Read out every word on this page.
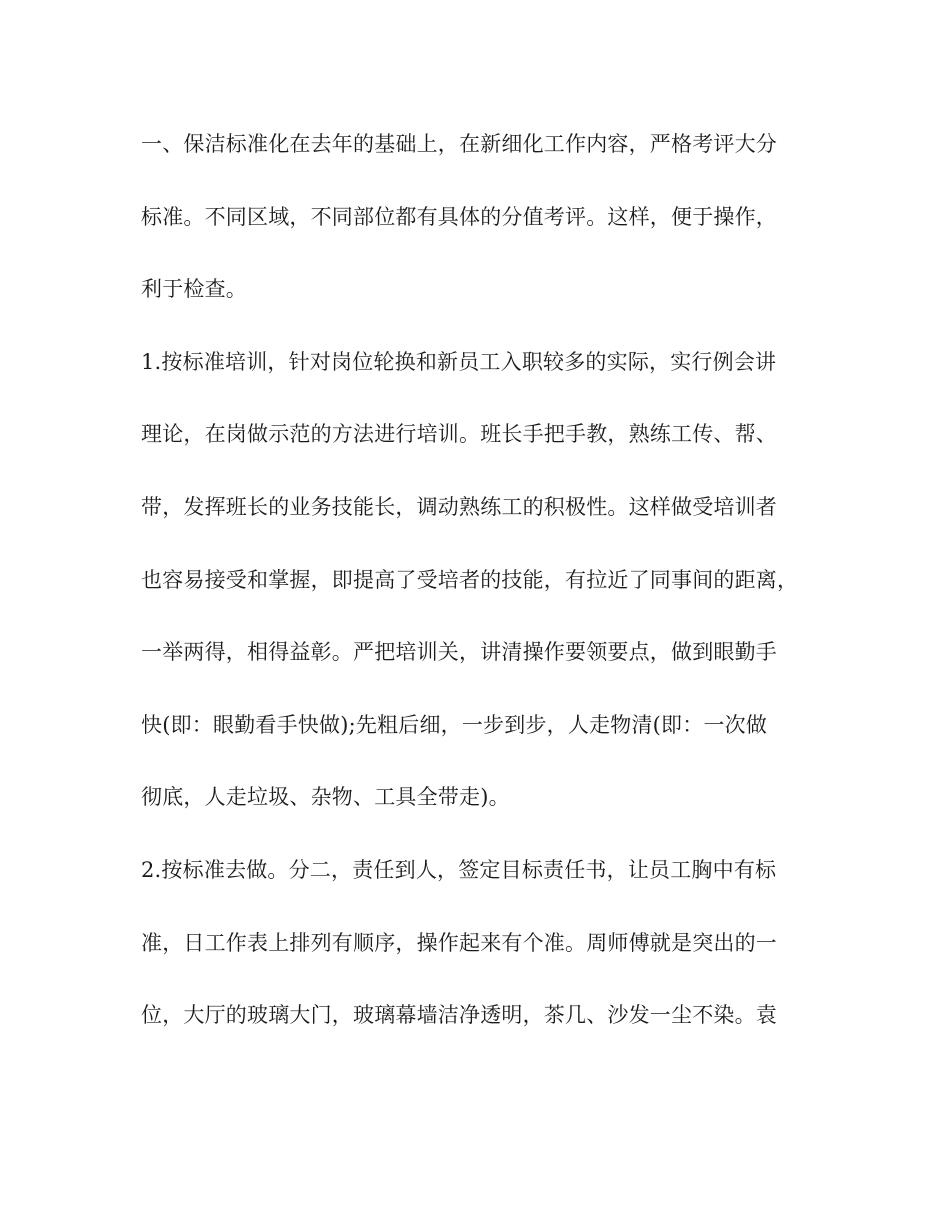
一、保洁标准化在去年的基础上，在新细化工作内容，严格考评大分
标准。不同区域，不同部位都有具体的分值考评。这样，便于操作，
利于检查。
1.按标准培训，针对岗位轮换和新员工入职较多的实际，实行例会讲
理论，在岗做示范的方法进行培训。班长手把手教，熟练工传、帮、
带，发挥班长的业务技能长，调动熟练工的积极性。这样做受培训者
也容易接受和掌握，即提高了受培者的技能，有拉近了同事间的距离，
一举两得，相得益彰。严把培训关，讲清操作要领要点，做到眼勤手
快(即：眼勤看手快做);先粗后细，一步到步，人走物清(即：一次做
彻底，人走垃圾、杂物、工具全带走)。
2.按标准去做。分二，责任到人，签定目标责任书，让员工胸中有标
准，日工作表上排列有顺序，操作起来有个准。周师傅就是突出的一
位，大厅的玻璃大门，玻璃幕墙洁净透明，茶几、沙发一尘不染。袁
